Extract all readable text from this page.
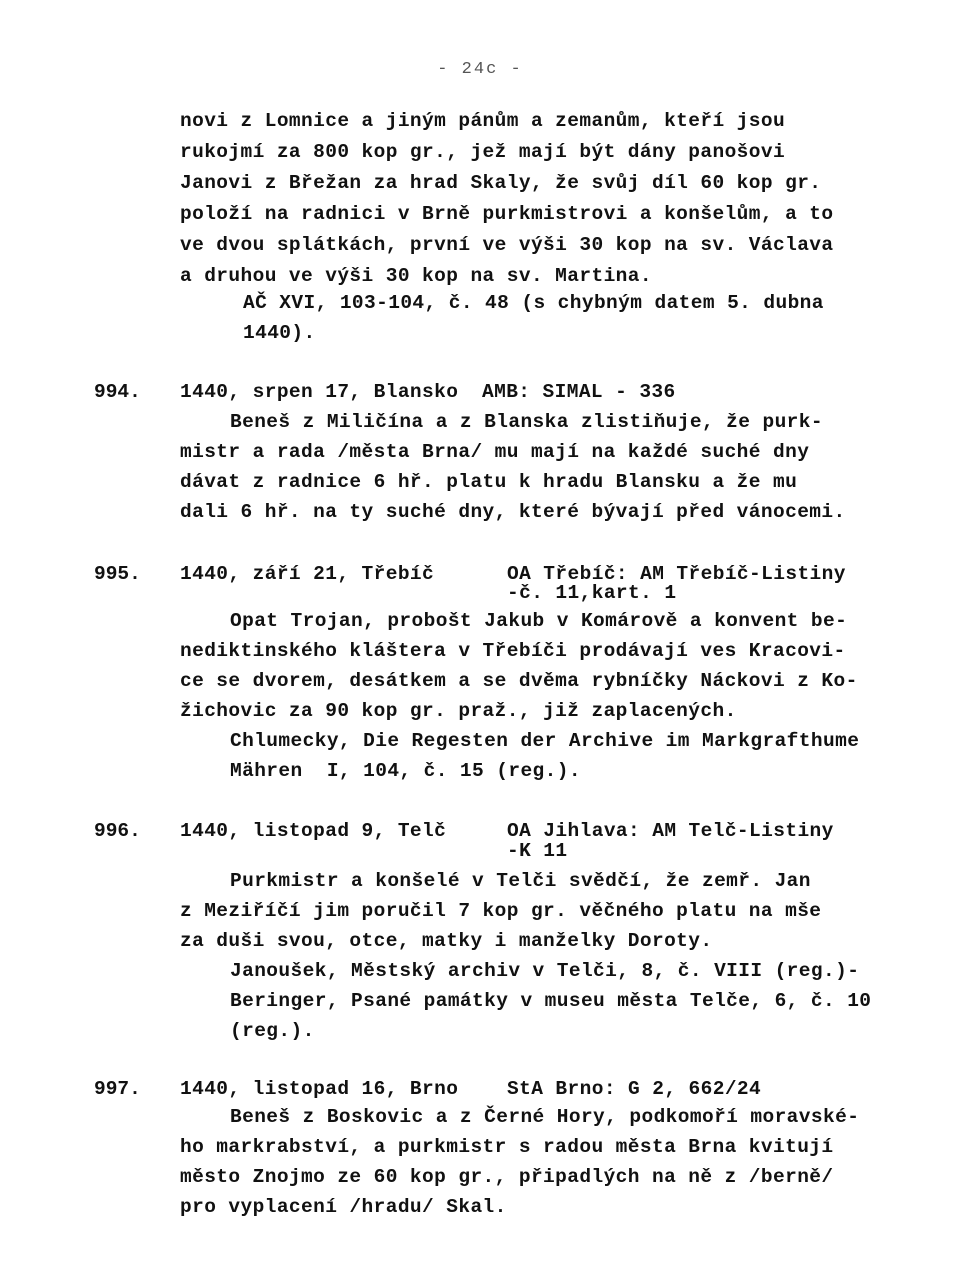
- 24c -
novi z Lomnice a jiným pánům a zemanům, kteří jsou
rukojmí za 800 kop gr., jež mají být dány panošovi
Janovi z Břežan za hrad Skaly, že svůj díl 60 kop gr.
položí na radnici v Brně purkmistrovi a konšelům, a to
ve dvou splátkách, první ve výši 30 kop na sv. Václava
a druhou ve výši 30 kop na sv. Martina.
AČ XVI, 103-104, č. 48 (s chybným datem 5. dubna
1440).
994. 1440, srpen 17, Blansko AMB: SIMAL - 336
Beneš z Miličína a z Blanska zlistiňuje, že purk-
mistr a rada /města Brna/ mu mají na každé suché dny
dávat z radnice 6 hř. platu k hradu Blansku a že mu
dali 6 hř. na ty suché dny, které bývají před vánocemi.
995. 1440, září 21, Třebíč	OA Třebíč: AM Třebíč-Listiny
-č. 11,kart. 1
Opat Trojan, probošt Jakub v Komárově a konvent be-
nediktinského kláštera v Třebíči prodávají ves Kracovi-
ce se dvorem, desátkem a se dvěma rybníčky Náckovi z Ko-
žichovic za 90 kop gr. praž., již zaplacených.
Chlumecky, Die Regesten der Archive im Markgrafthume
Mähren  I, 104, č. 15 (reg.).
996. 1440, listopad 9, Telč	OA Jihlava: AM Telč-Listiny
-K 11
Purkmistr a konšelé v Telči svědčí, že zemř. Jan
z Meziříčí jim poručil 7 kop gr. věčného platu na mše
za duši svou, otce, matky i manželky Doroty.
Janoušek, Městský archiv v Telči, 8, č. VIII (reg.)-
Beringer, Psané památky v museu města Telče, 6, č. 10
(reg.).
997. 1440, listopad 16, Brno StA Brno: G 2, 662/24
Beneš z Boskovic a z Černé Hory, podkomoří moravské-
ho markrabství, a purkmistr s radou města Brna kvitují
město Znojmo ze 60 kop gr., připadlých na ně z /berně/
pro vyplacení /hradu/ Skal.
